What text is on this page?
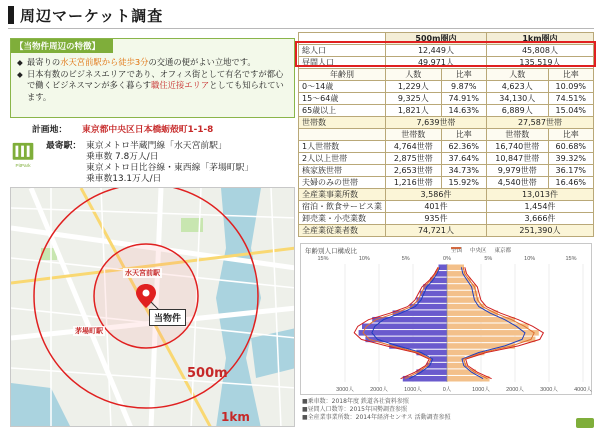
周辺マーケット調査
【当物件周辺の特徴】
◆ 最寄りの水天宮前駅から徒歩3分の交通の便がよい立地です。
◆ 日本有数のビジネスエリアであり、オフィス街として有名ですが都心で働くビジネスマンが多く暮らす職住近接エリアとしても知られています。
計画地： 東京都中央区日本橋蛎殻町1-1-8
PitPark
最寄駅： 東京メトロ半蔵門線「水天宮前駅」
乗車数 7.8万人/日
東京メトロ日比谷線・東西線「茅場町駅」
乗車数13.1万人/日
水天宮前駅
茅場町駅
当物件
500m
1km
	500m圏内		1km圏内	
総人口	12,449人		45,808人	
昼間人口	49,971人		135,519人	
年齢別	人数	比率	人数	比率
0〜14歳	1,229人	9.87%	4,623人	10.09%
15〜64歳	9,325人	74.91%	34,130人	74.51%
65歳以上	1,821人	14.63%	6,889人	15.04%
世帯数	7,639世帯		27,587世帯	
	世帯数	比率	世帯数	比率
1人世帯数	4,764世帯	62.36%	16,740世帯	60.68%
2人以上世帯	2,875世帯	37.64%	10,847世帯	39.32%
核家族世帯	2,653世帯	34.73%	9,979世帯	36.17%
夫婦のみの世帯	1,216世帯	15.92%	4,540世帯	16.46%
全産業事業所数	3,586件		13,013件	
宿泊・飲食サービス業	401件		1,454件	
卸売業・小売業数	935件		3,666件	
全産業従業者数	74,721人		251,390人	
年齢別人口構成比	全国 中央区 東京都
15%	10%	5%	0%	5%	10%	15%
3000人	2000人	1000人	0人	1000人	2000人	3000人	4000人
■乗車数：2018年度 鉄道各社資料参照
■昼間人口数等：2015年国勢調査参照
■全産業事業所数：2014年経済センサス 活動調査参照
